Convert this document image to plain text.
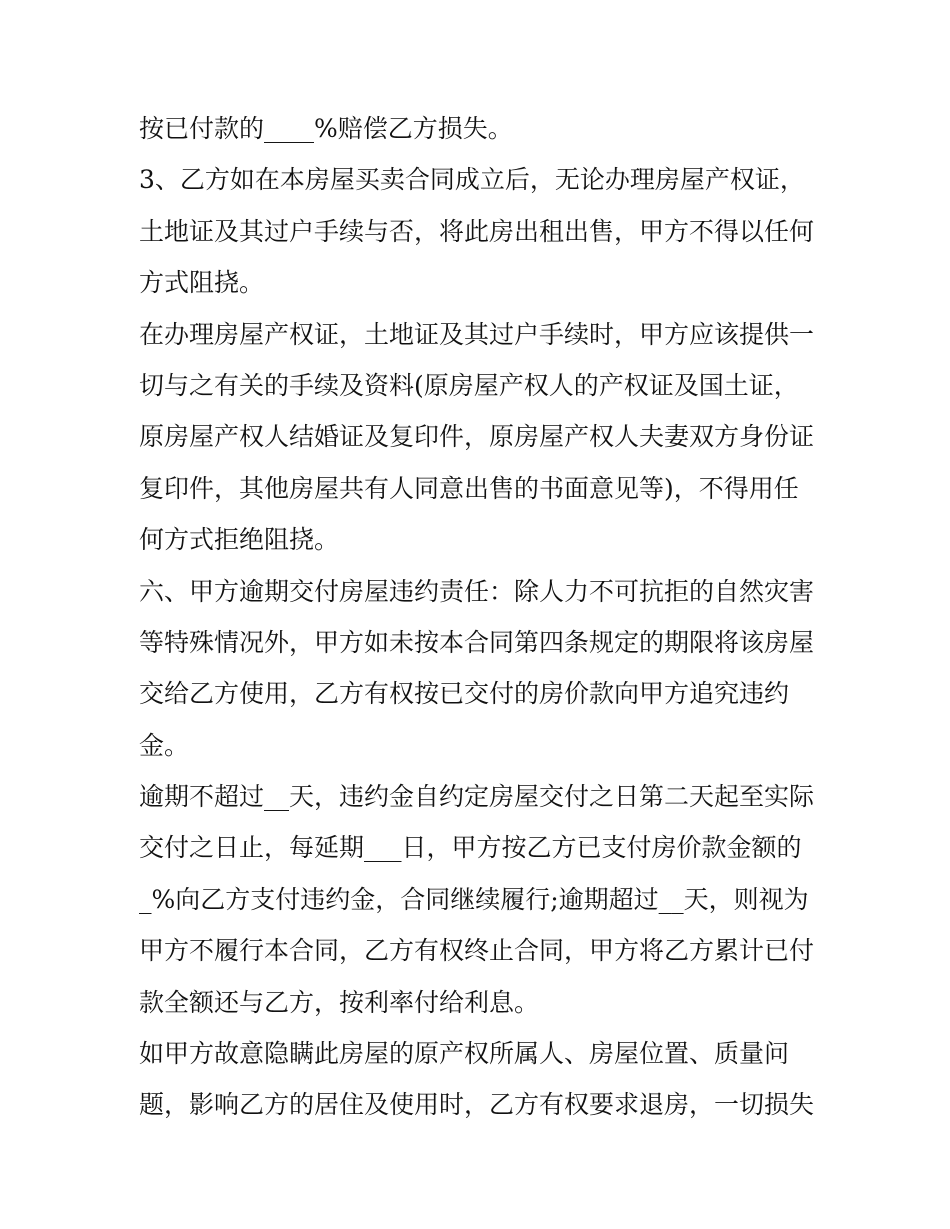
按已付款的____%赔偿乙方损失。
3、乙方如在本房屋买卖合同成立后，无论办理房屋产权证，
土地证及其过户手续与否，将此房出租出售，甲方不得以任何
方式阻挠。
在办理房屋产权证，土地证及其过户手续时，甲方应该提供一
切与之有关的手续及资料(原房屋产权人的产权证及国土证，
原房屋产权人结婚证及复印件，原房屋产权人夫妻双方身份证
复印件，其他房屋共有人同意出售的书面意见等)，不得用任
何方式拒绝阻挠。
六、甲方逾期交付房屋违约责任：除人力不可抗拒的自然灾害
等特殊情况外，甲方如未按本合同第四条规定的期限将该房屋
交给乙方使用，乙方有权按已交付的房价款向甲方追究违约
金。
逾期不超过__天，违约金自约定房屋交付之日第二天起至实际
交付之日止，每延期___日，甲方按乙方已支付房价款金额的
_%向乙方支付违约金，合同继续履行;逾期超过__天，则视为
甲方不履行本合同，乙方有权终止合同，甲方将乙方累计已付
款全额还与乙方，按利率付给利息。
如甲方故意隐瞒此房屋的原产权所属人、房屋位置、质量问
题，影响乙方的居住及使用时，乙方有权要求退房，一切损失
